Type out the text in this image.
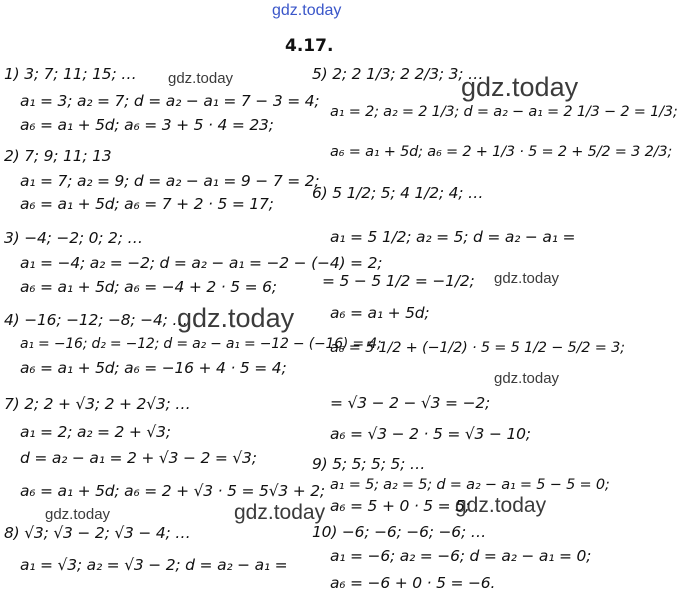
gdz.today
4.17.
gdz.today	gdz.today
gdz.today
gdz.today
gdz.today
gdz.today
gdz.today
gdz.today
1) 3; 7; 11; 15; …
a₁ = 3; a₂ = 7; d = a₂ − a₁ = 7 − 3 = 4;
a₆ = a₁ + 5d; a₆ = 3 + 5 · 4 = 23;
2) 7; 9; 11; 13
a₁ = 7; a₂ = 9; d = a₂ − a₁ = 9 − 7 = 2;
a₆ = a₁ + 5d; a₆ = 7 + 2 · 5 = 17;
3) −4; −2; 0; 2; …
a₁ = −4; a₂ = −2; d = a₂ − a₁ = −2 − (−4) = 2;
a₆ = a₁ + 5d; a₆ = −4 + 2 · 5 = 6;
4) −16; −12; −8; −4; …
a₁ = −16; d₂ = −12; d = a₂ − a₁ = −12 − (−16) = 4;
a₆ = a₁ + 5d; a₆ = −16 + 4 · 5 = 4;
7) 2; 2 + √3; 2 + 2√3; …
a₁ = 2; a₂ = 2 + √3;
d = a₂ − a₁ = 2 + √3 − 2 = √3;
a₆ = a₁ + 5d; a₆ = 2 + √3 · 5 = 5√3 + 2;
8) √3; √3 − 2; √3 − 4; …
a₁ = √3; a₂ = √3 − 2; d = a₂ − a₁ =
5) 2; 2 1/3; 2 2/3; 3; …
a₁ = 2; a₂ = 2 1/3; d = a₂ − a₁ = 2 1/3 − 2 = 1/3;
a₆ = a₁ + 5d; a₆ = 2 + 1/3 · 5 = 2 + 5/2 = 3 2/3;
6) 5 1/2; 5; 4 1/2; 4; …
a₁ = 5 1/2; a₂ = 5; d = a₂ − a₁ =
= 5 − 5 1/2 = −1/2;
a₆ = a₁ + 5d;
a₆ = 5 1/2 + (−1/2) · 5 = 5 1/2 − 5/2 = 3;
= √3 − 2 − √3 = −2;
a₆ = √3 − 2 · 5 = √3 − 10;
9) 5; 5; 5; 5; …
a₁ = 5; a₂ = 5; d = a₂ − a₁ = 5 − 5 = 0;
a₆ = 5 + 0 · 5 = 5;
10) −6; −6; −6; −6; …
a₁ = −6; a₂ = −6; d = a₂ − a₁ = 0;
a₆ = −6 + 0 · 5 = −6.
